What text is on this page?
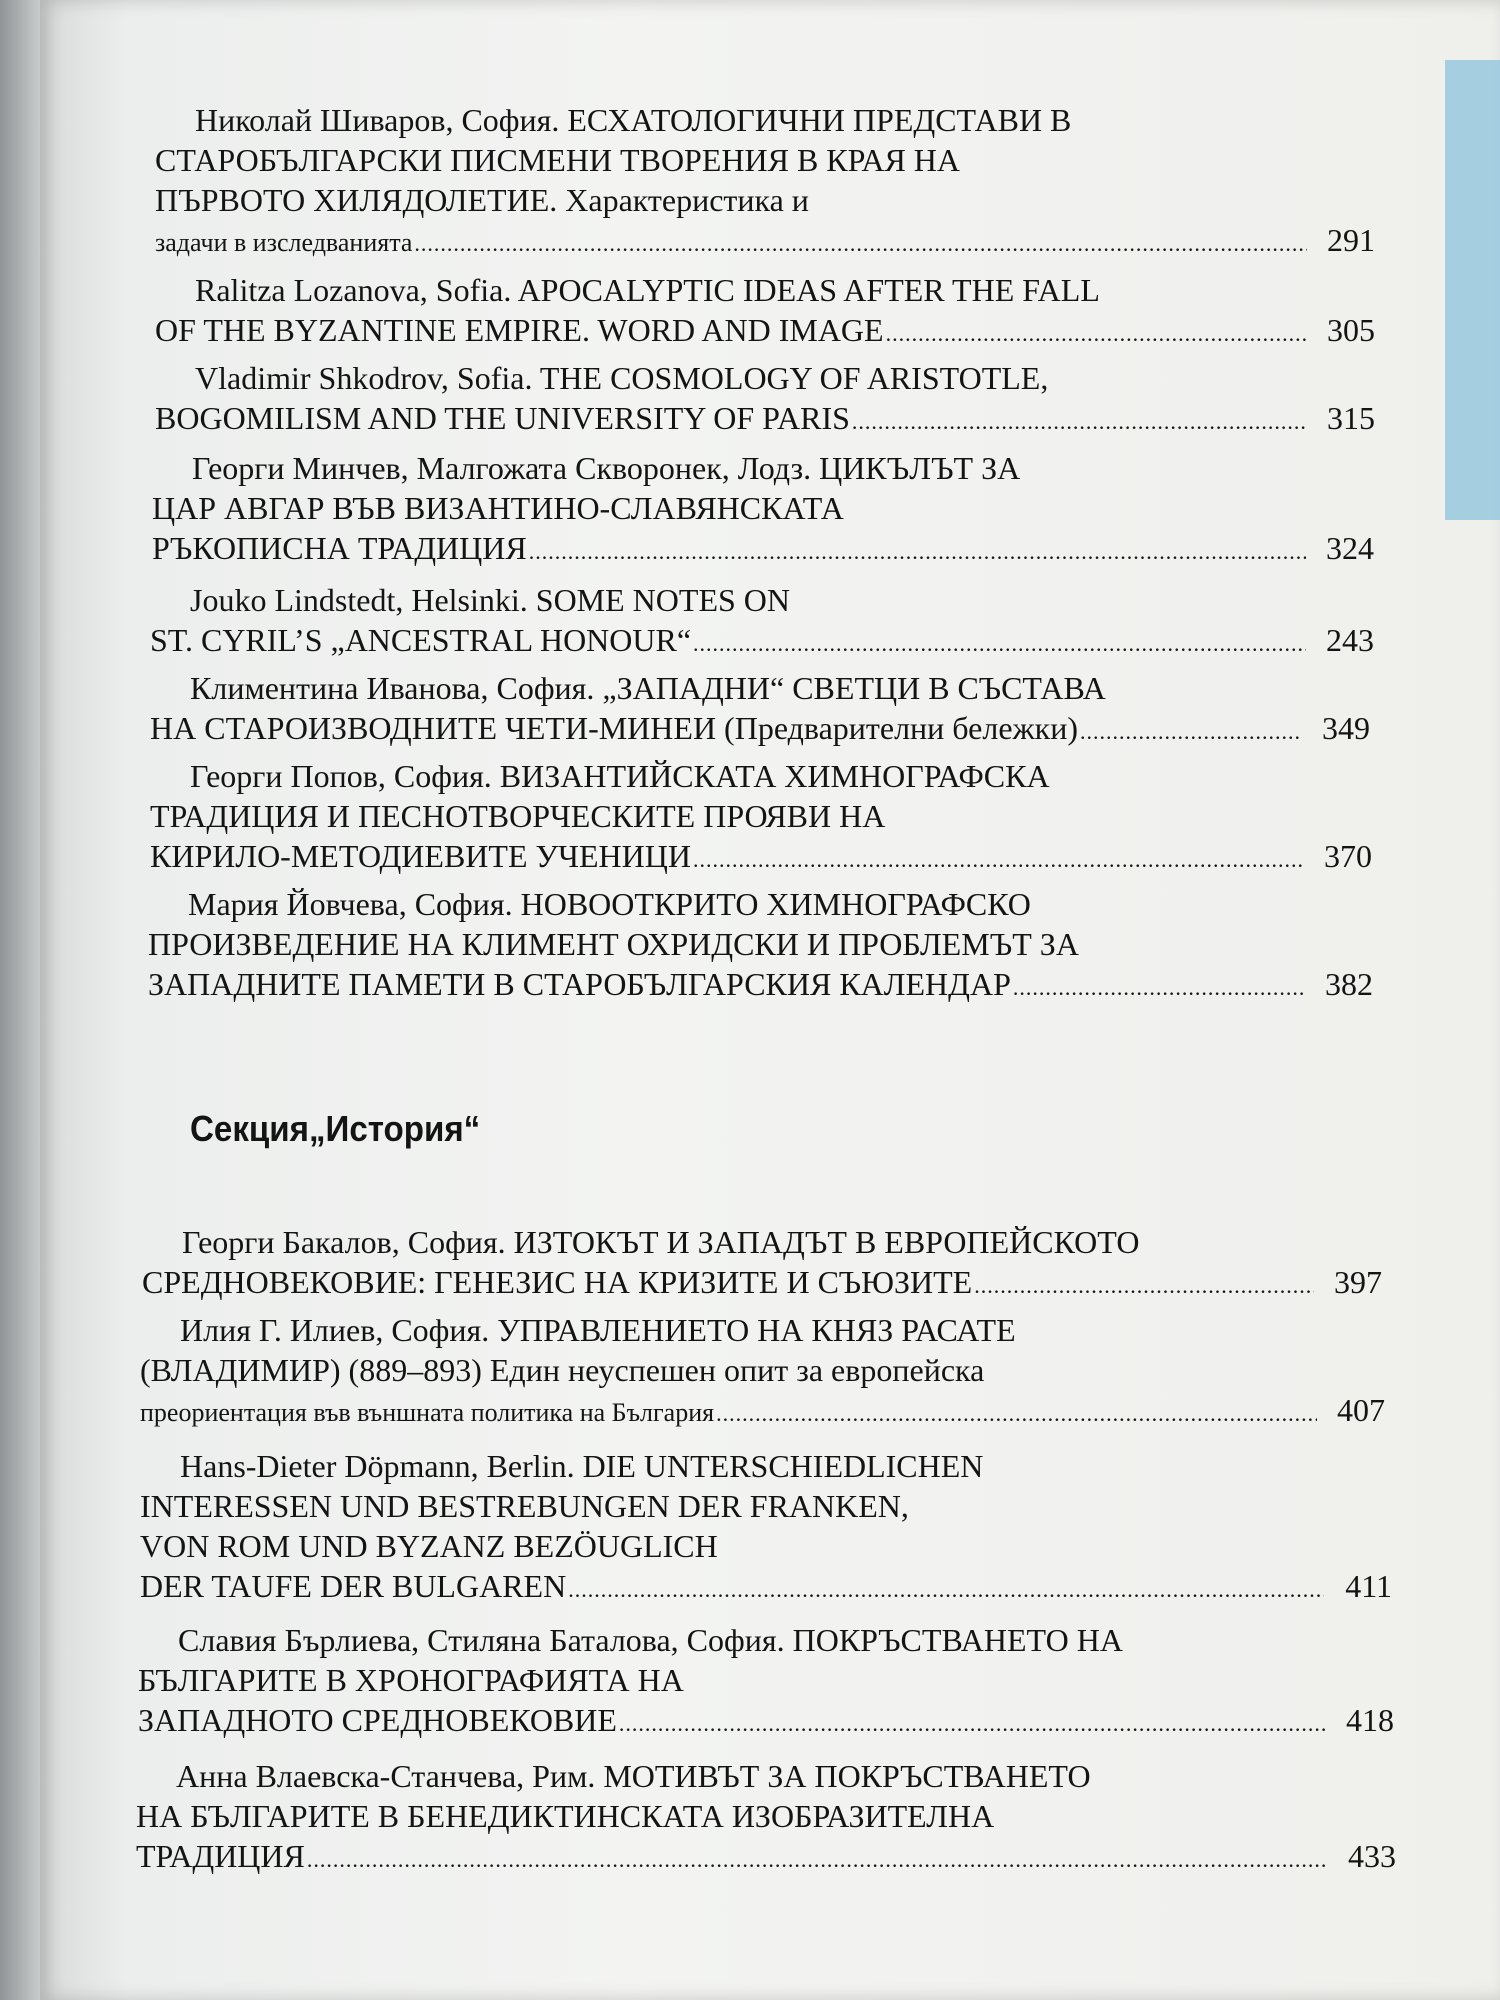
Николай Шиваров, София. ЕСХАТОЛОГИЧНИ ПРЕДСТАВИ В
СТАРОБЪЛГАРСКИ ПИСМЕНИ ТВОРЕНИЯ В КРАЯ НА
ПЪРВОТО ХИЛЯДОЛЕТИЕ. Характеристика и
задачи в изследванията .....	291
Ralitza Lozanova, Sofia. APOCALYPTIC IDEAS AFTER THE FALL
OF THE BYZANTINE EMPIRE. WORD AND IMAGE .....	305
Vladimir Shkodrov, Sofia. THE COSMOLOGY OF ARISTOTLE,
BOGOMILISM AND THE UNIVERSITY OF PARIS .....	315
Георги Минчев, Малгожата Скворонек, Лодз. ЦИКЪЛЪТ ЗА
ЦАР АВГАР ВЪВ ВИЗАНТИНО-СЛАВЯНСКАТА
РЪКОПИСНА ТРАДИЦИЯ .....	324
Jouko Lindstedt, Helsinki. SOME NOTES ON
ST. CYRIL’S „ANCESTRAL HONOUR“ .....	243
Климентина Иванова, София. „ЗАПАДНИ“ СВЕТЦИ В СЪСТАВА
НА СТАРОИЗВОДНИТЕ ЧЕТИ-МИНЕИ (Предварителни бележки) .....	349
Георги Попов, София. ВИЗАНТИЙСКАТА ХИМНОГРАФСКА
ТРАДИЦИЯ И ПЕСНОТВОРЧЕСКИТЕ ПРОЯВИ НА
КИРИЛО-МЕТОДИЕВИТЕ УЧЕНИЦИ .....	370
Мария Йовчева, София. НОВООТКРИТО ХИМНОГРАФСКО
ПРОИЗВЕДЕНИЕ НА КЛИМЕНТ ОХРИДСКИ И ПРОБЛЕМЪТ ЗА
ЗАПАДНИТЕ ПАМЕТИ В СТАРОБЪЛГАРСКИЯ КАЛЕНДАР .....	382
Секция„История“
Георги Бакалов, София. ИЗТОКЪТ И ЗАПАДЪТ В ЕВРОПЕЙСКОТО
СРЕДНОВЕКОВИЕ: ГЕНЕЗИС НА КРИЗИТЕ И СЪЮЗИТЕ .....	397
Илия Г. Илиев, София. УПРАВЛЕНИЕТО НА КНЯЗ РАСАТЕ
(ВЛАДИМИР) (889–893) Един неуспешен опит за европейска
преориентация във външната политика на България .....	407
Hans-Dieter Döpmann, Berlin. DIE UNTERSCHIEDLICHEN
INTERESSEN UND BESTREBUNGEN DER FRANKEN,
VON ROM UND BYZANZ BEZÖUGLICH
DER TAUFE DER BULGAREN .....	411
Славия Бърлиева, Стиляна Баталова, София. ПОКРЪСТВАНЕТО НА
БЪЛГАРИТЕ В ХРОНОГРАФИЯТА НА
ЗАПАДНОТО СРЕДНОВЕКОВИЕ .....	418
Анна Влаевска-Станчева, Рим. МОТИВЪТ ЗА ПОКРЪСТВАНЕТО
НА БЪЛГАРИТЕ В БЕНЕДИКТИНСКАТА ИЗОБРАЗИТЕЛНА
ТРАДИЦИЯ .....	433
